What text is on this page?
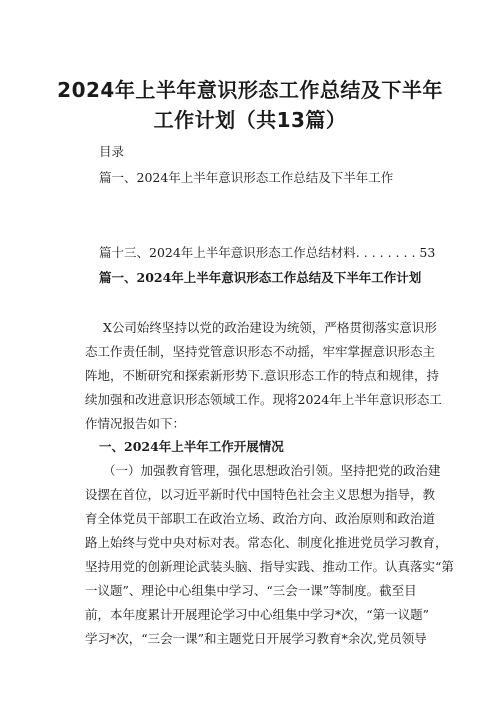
2024年上半年意识形态工作总结及下半年
工作计划（共13篇）
目录
篇一、2024年上半年意识形态工作总结及下半年工作
篇十三、2024年上半年意识形态工作总结材料. . . . . . . . 53
篇一、2024年上半年意识形态工作总结及下半年工作计划
X公司始终坚持以党的政治建设为统领，严格贯彻落实意识形
态工作责任制，坚持党管意识形态不动摇，牢牢掌握意识形态主
阵地，不断研究和探索新形势下.意识形态工作的特点和规律，持
续加强和改进意识形态领域工作。现将2024年上半年意识形态工
作情况报告如下：
一、2024年上半年工作开展情况
（一）加强教育管理，强化思想政治引领。坚持把党的政治建
设摆在首位，以习近平新时代中国特色社会主义思想为指导，教
育全体党员干部职工在政治立场、政治方向、政治原则和政治道
路上始终与党中央对标对表。常态化、制度化推进党员学习教育，
坚持用党的创新理论武装头脑、指导实践、推动工作。认真落实“第
一议题”、理论中心组集中学习、“三会一课”等制度。截至目
前，本年度累计开展理论学习中心组集中学习*次，“第一议题”
学习*次，“三会一课”和主题党日开展学习教育*余次,党员领导
